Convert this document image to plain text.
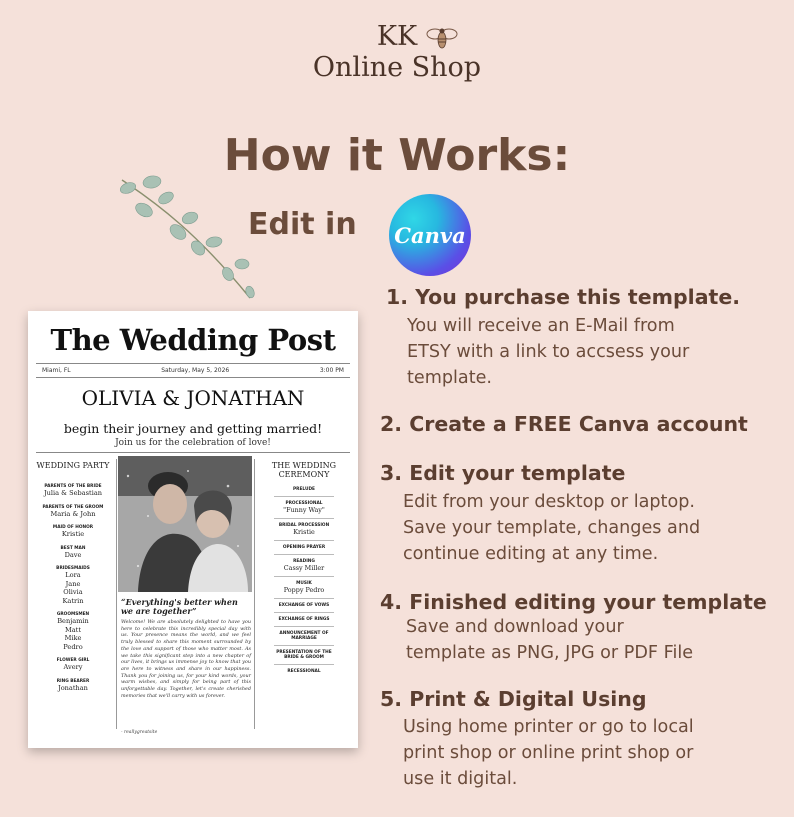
KK
Online Shop
How it Works:
Edit in Canva
The Wedding Post
Miami, FL	Saturday, May 5, 2026	3:00 PM
OLIVIA & JONATHAN
begin their journey and getting married!
Join us for the celebration of love!
WEDDING PARTY
PARENTS OF THE BRIDE
Julia & Sebastian
PARENTS OF THE GROOM
Maria & John
MAID OF HONOR
Kristie
BEST MAN
Dave
BRIDESMAIDS
Lora
Jane
Olivia
Katrin
GROOMSMEN
Benjamin
Matt
Mike
Pedro
FLOWER GIRL
Avery
RING BEARER
Jonathan
“Everything's better when we are together”
Welcome! We are absolutely delighted to have you here to celebrate this incredibly special day with us. Your presence means the world, and we feel truly blessed to share this moment surrounded by the love and support of those who matter most. As we take this significant step into a new chapter of our lives, it brings us immense joy to know that you are here to witness and share in our happiness. Thank you for joining us, for your kind words, your warm wishes, and simply for being part of this unforgettable day. Together, let's create cherished memories that we'll carry with us forever.
- reallygreatsite
THE WEDDING CEREMONY
PRELUDE
PROCESSIONAL
"Funny Way"
BRIDAL PROCESSION
Kristie
OPENING PRAYER
READING
Cassy Miller
MUSIK
Poppy Pedro
EXCHANGE OF VOWS
EXCHANGE OF RINGS
ANNOUNCEMENT OF MARRIAGE
PRESENTATION OF THE BRIDE & GROOM
RECESSIONAL
1. You purchase this template.
You will receive an E-Mail from
ETSY with a link to accsess your
template.
2. Create a FREE Canva account
3. Edit your template
Edit from your desktop or laptop.
Save your template, changes and
continue editing at any time.
4. Finished editing your template
Save and download your
template as PNG, JPG or PDF File
5. Print & Digital Using
Using home printer or go to local
print shop or online print shop or
use it digital.
